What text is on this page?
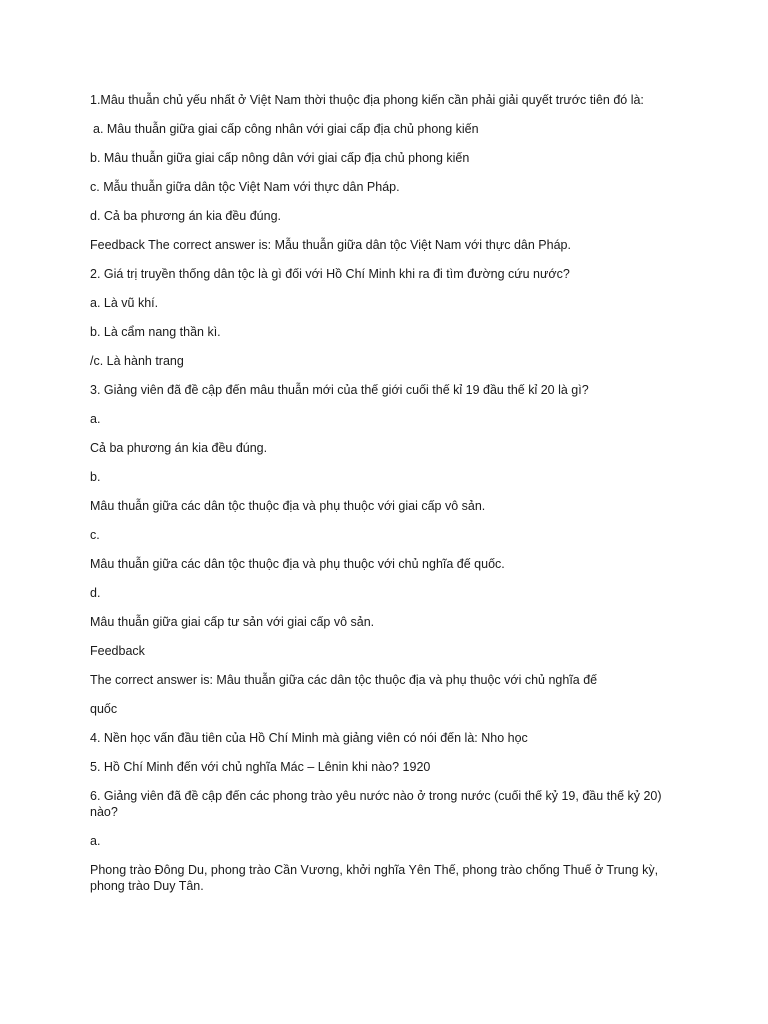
1.Mâu thuẫn chủ yếu nhất ở Việt Nam thời thuộc địa phong kiến cần phải giải quyết trước tiên đó là:

a. Mâu thuẫn giữa giai cấp công nhân với giai cấp địa chủ phong kiến

b. Mâu thuẫn giữa giai cấp nông dân với giai cấp địa chủ phong kiến

c. Mẫu thuẫn giữa dân tộc Việt Nam với thực dân Pháp.

d. Cả ba phương án kia đều đúng.

Feedback The correct answer is: Mẫu thuẫn giữa dân tộc Việt Nam với thực dân Pháp.

2. Giá trị truyền thống dân tộc là gì đối với Hồ Chí Minh khi ra đi tìm đường cứu nước?

a. Là vũ khí.

b. Là cẩm nang thần kì.

/c. Là hành trang

3. Giảng viên đã đề cập đến mâu thuẫn mới của thế giới cuối thế kỉ 19 đầu thế kỉ 20 là gì?

a.

Cả ba phương án kia đều đúng.

b.

Mâu thuẫn giữa các dân tộc thuộc địa và phụ thuộc với giai cấp vô sản.

c.

Mâu thuẫn giữa các dân tộc thuộc địa và phụ thuộc với chủ nghĩa đế quốc.

d.

Mâu thuẫn giữa giai cấp tư sản với giai cấp vô sản.

Feedback

The correct answer is: Mâu thuẫn giữa các dân tộc thuộc địa và phụ thuộc với chủ nghĩa đế

quốc

4. Nền học vấn đầu tiên của Hồ Chí Minh mà giảng viên có nói đến là: Nho học

5. Hồ Chí Minh đến với chủ nghĩa Mác – Lênin khi nào? 1920

6. Giảng viên đã đề cập đến các phong trào yêu nước nào ở trong nước (cuối thế kỷ 19, đầu thế kỷ 20) nào?

a.

Phong trào Đông Du, phong trào Cần Vương, khởi nghĩa Yên Thế, phong trào chống Thuế ở Trung kỳ, phong trào Duy Tân.
